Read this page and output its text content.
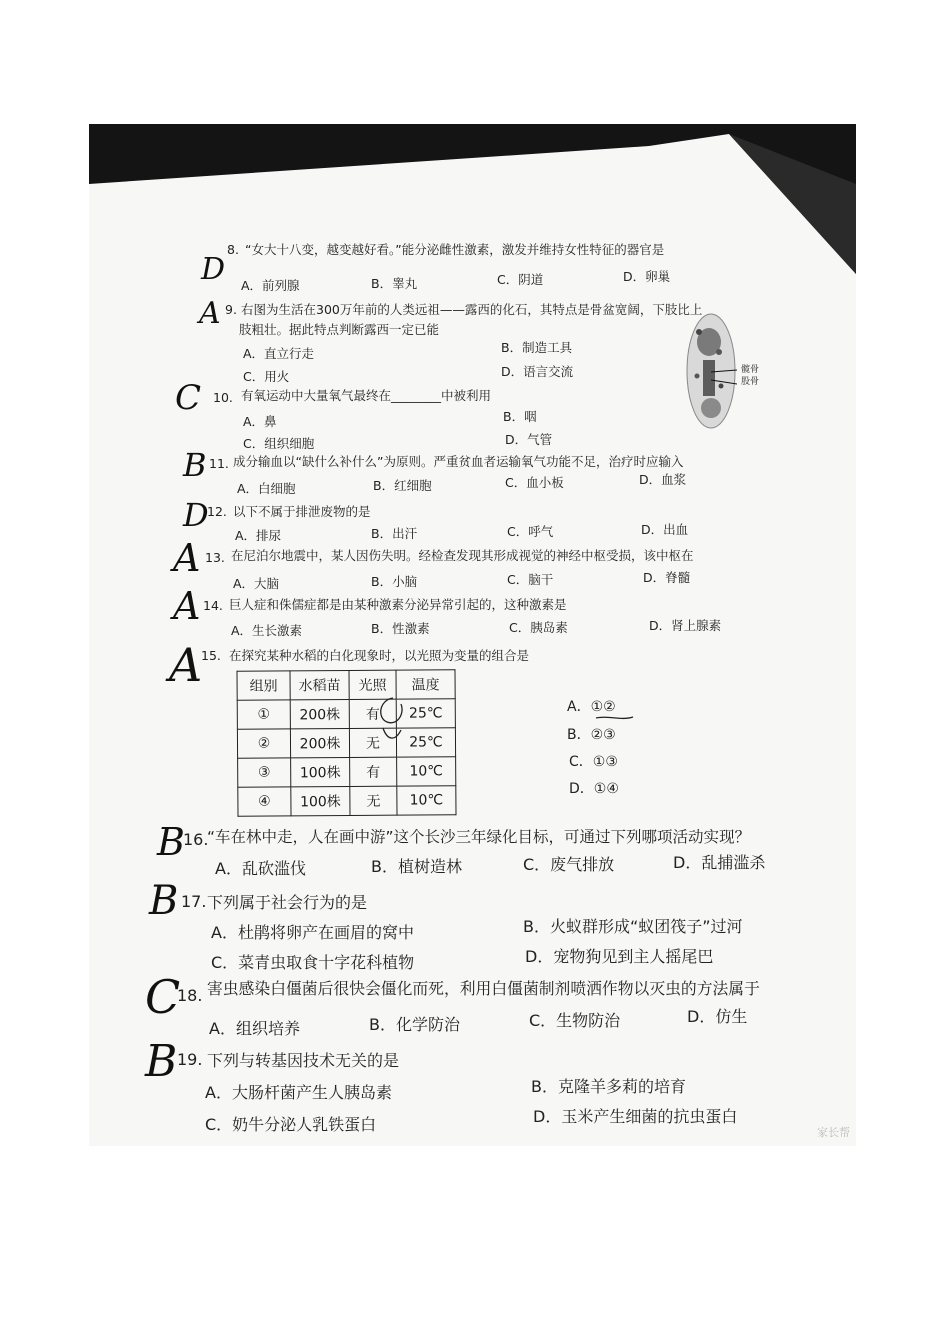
D
8. “女大十八变，越变越好看。”能分泌雌性激素，激发并维持女性特征的器官是
A．前列腺	B．睾丸	C．阴道	D．卵巢
A 9. 右图为生活在300万年前的人类远祖——露西的化石，其特点是骨盆宽阔，下肢比上
肢粗壮。据此特点判断露西一定已能
A．直立行走	B．制造工具
C．用火	D．语言交流	髋骨
股骨
C 10. 有氧运动中大量氧气最终在________中被利用
A．鼻	B．咽
C．组织细胞	D．气管
B 11. 成分输血以“缺什么补什么”为原则。严重贫血者运输氧气功能不足，治疗时应输入
A．白细胞	B．红细胞	C．血小板	D．血浆
D
12. 以下不属于排泄废物的是
A．排尿	B．出汗	C．呼气	D．出血
A 13. 在尼泊尔地震中，某人因伤失明。经检查发现其形成视觉的神经中枢受损，该中枢在
A．大脑	B．小脑	C．脑干	D．脊髓
A 14. 巨人症和侏儒症都是由某种激素分泌异常引起的，这种激素是
A．生长激素	B．性激素	C．胰岛素	D．肾上腺素
A
15. 在探究某种水稻的白化现象时，以光照为变量的组合是
组别	水稻苗	光照	温度
①	200株	有	25℃
②	200株	无	25℃
③	100株	有	10℃
④	100株	无	10℃
A．①②
B．②③
C．①③
D．①④
B
16.
“车在林中走，人在画中游”这个长沙三年绿化目标，可通过下列哪项活动实现？
A．乱砍滥伐	B．植树造林	C．废气排放	D．乱捕滥杀
B 17. 下列属于社会行为的是
A．杜鹃将卵产在画眉的窝中	B．火蚁群形成“蚁团筏子”过河
C．菜青虫取食十字花科植物	D．宠物狗见到主人摇尾巴
C
18. 害虫感染白僵菌后很快会僵化而死，利用白僵菌制剂喷洒作物以灭虫的方法属于
A．组织培养	B．化学防治	C．生物防治	D．仿生
B 19. 下列与转基因技术无关的是
A．大肠杆菌产生人胰岛素	B．克隆羊多莉的培育
C．奶牛分泌人乳铁蛋白	D．玉米产生细菌的抗虫蛋白
家长帮
